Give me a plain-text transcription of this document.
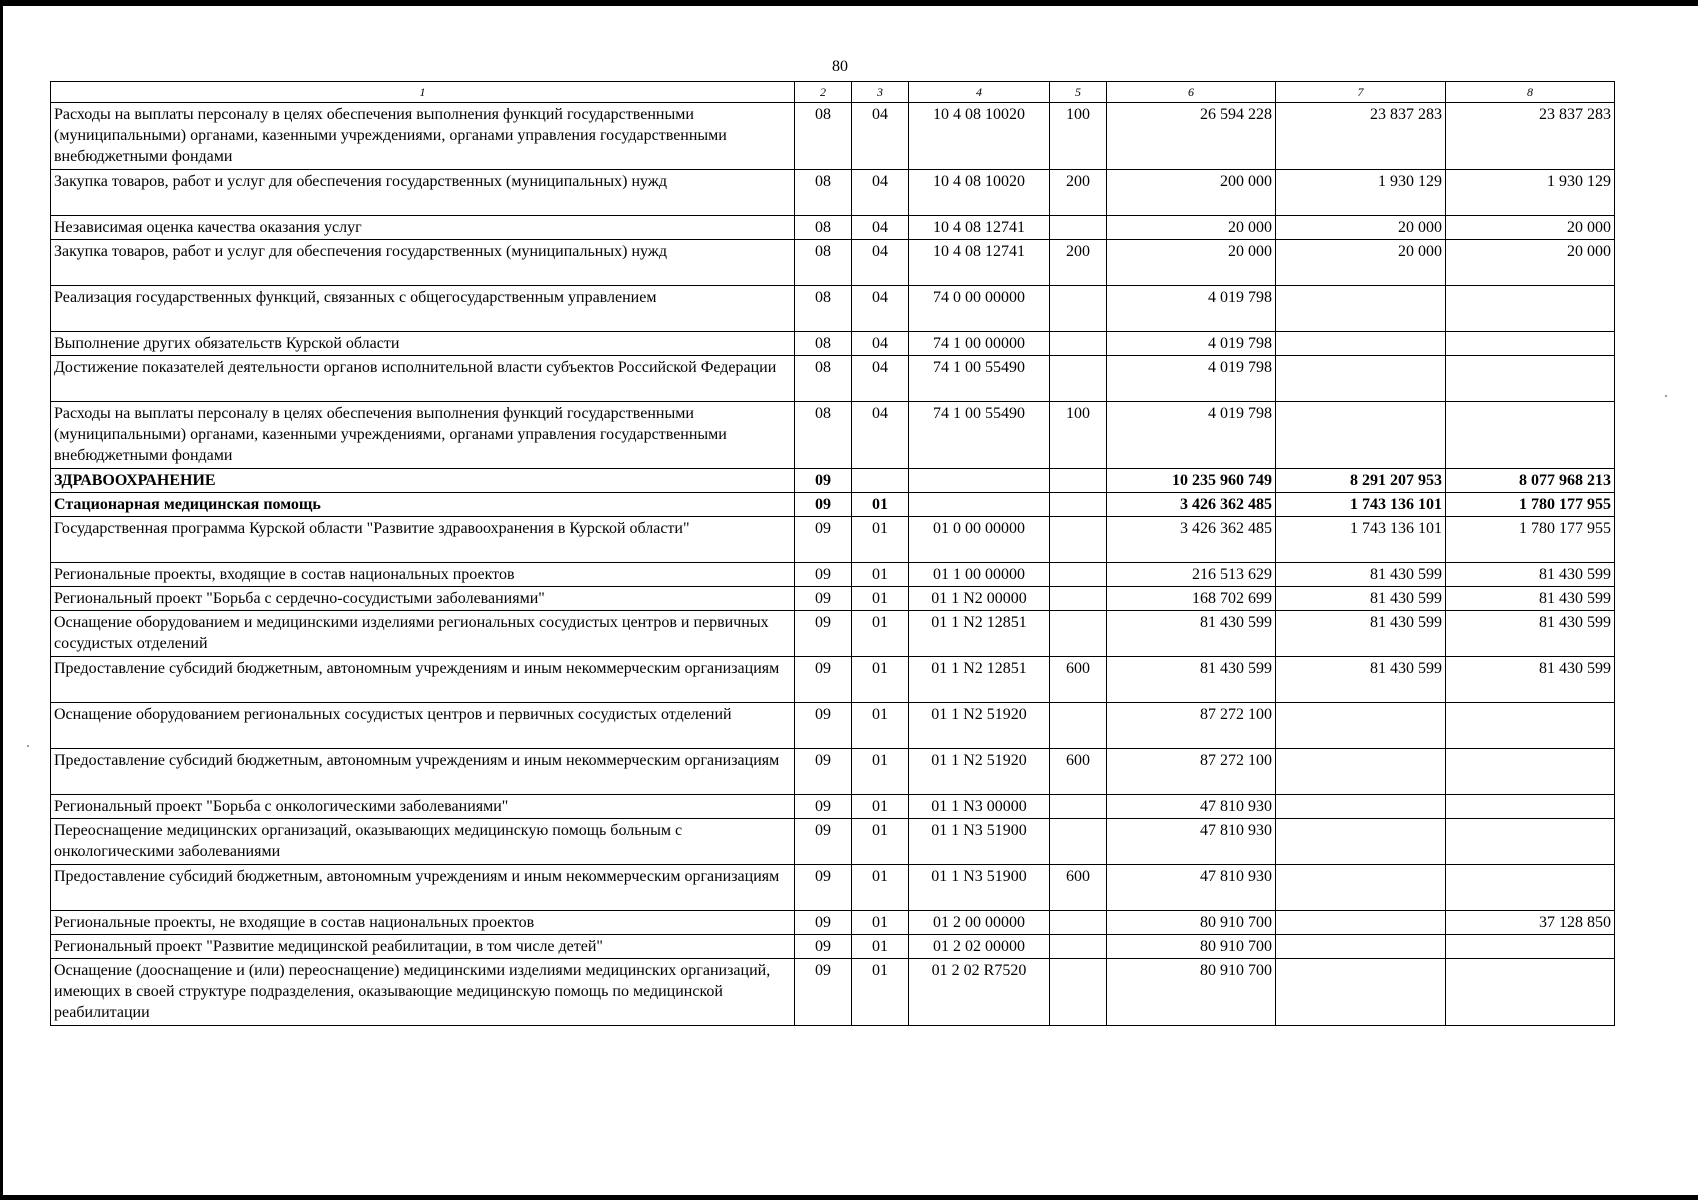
80
1	2	3	4	5	6	7	8
Расходы на выплаты персоналу в целях обеспечения выполнения функций государственными (муниципальными) органами, казенными учреждениями, органами управления государственными внебюджетными фондами	08	04	10 4 08 10020	100	26 594 228	23 837 283	23 837 283
Закупка товаров, работ и услуг для обеспечения государственных (муниципальных) нужд	08	04	10 4 08 10020	200	200 000	1 930 129	1 930 129
Независимая оценка качества оказания услуг	08	04	10 4 08 12741		20 000	20 000	20 000
Закупка товаров, работ и услуг для обеспечения государственных (муниципальных) нужд	08	04	10 4 08 12741	200	20 000	20 000	20 000
Реализация государственных функций, связанных с общегосударственным управлением	08	04	74 0 00 00000		4 019 798		
Выполнение других обязательств Курской области	08	04	74 1 00 00000		4 019 798		
Достижение показателей деятельности органов исполнительной власти субъектов Российской Федерации	08	04	74 1 00 55490		4 019 798		
Расходы на выплаты персоналу в целях обеспечения выполнения функций государственными (муниципальными) органами, казенными учреждениями, органами управления государственными внебюджетными фондами	08	04	74 1 00 55490	100	4 019 798		
ЗДРАВООХРАНЕНИЕ	09				10 235 960 749	8 291 207 953	8 077 968 213
Стационарная медицинская помощь	09	01			3 426 362 485	1 743 136 101	1 780 177 955
Государственная программа Курской области "Развитие здравоохранения в Курской области"	09	01	01 0 00 00000		3 426 362 485	1 743 136 101	1 780 177 955
Региональные проекты, входящие в состав национальных проектов	09	01	01 1 00 00000		216 513 629	81 430 599	81 430 599
Региональный проект "Борьба с сердечно-сосудистыми заболеваниями"	09	01	01 1 N2 00000		168 702 699	81 430 599	81 430 599
Оснащение оборудованием и медицинскими изделиями региональных сосудистых центров и первичных сосудистых отделений	09	01	01 1 N2 12851		81 430 599	81 430 599	81 430 599
Предоставление субсидий бюджетным, автономным учреждениям и иным некоммерческим организациям	09	01	01 1 N2 12851	600	81 430 599	81 430 599	81 430 599
Оснащение оборудованием региональных сосудистых центров и первичных сосудистых отделений	09	01	01 1 N2 51920		87 272 100		
Предоставление субсидий бюджетным, автономным учреждениям и иным некоммерческим организациям	09	01	01 1 N2 51920	600	87 272 100		
Региональный проект "Борьба с онкологическими заболеваниями"	09	01	01 1 N3 00000		47 810 930		
Переоснащение медицинских организаций, оказывающих медицинскую помощь больным с онкологическими заболеваниями	09	01	01 1 N3 51900		47 810 930		
Предоставление субсидий бюджетным, автономным учреждениям и иным некоммерческим организациям	09	01	01 1 N3 51900	600	47 810 930		
Региональные проекты, не входящие в состав национальных проектов	09	01	01 2 00 00000		80 910 700		37 128 850
Региональный проект "Развитие медицинской реабилитации, в том числе детей"	09	01	01 2 02 00000		80 910 700		
Оснащение (дооснащение и (или) переоснащение) медицинскими изделиями медицинских организаций, имеющих в своей структуре подразделения, оказывающие медицинскую помощь по медицинской реабилитации	09	01	01 2 02 R7520		80 910 700		
